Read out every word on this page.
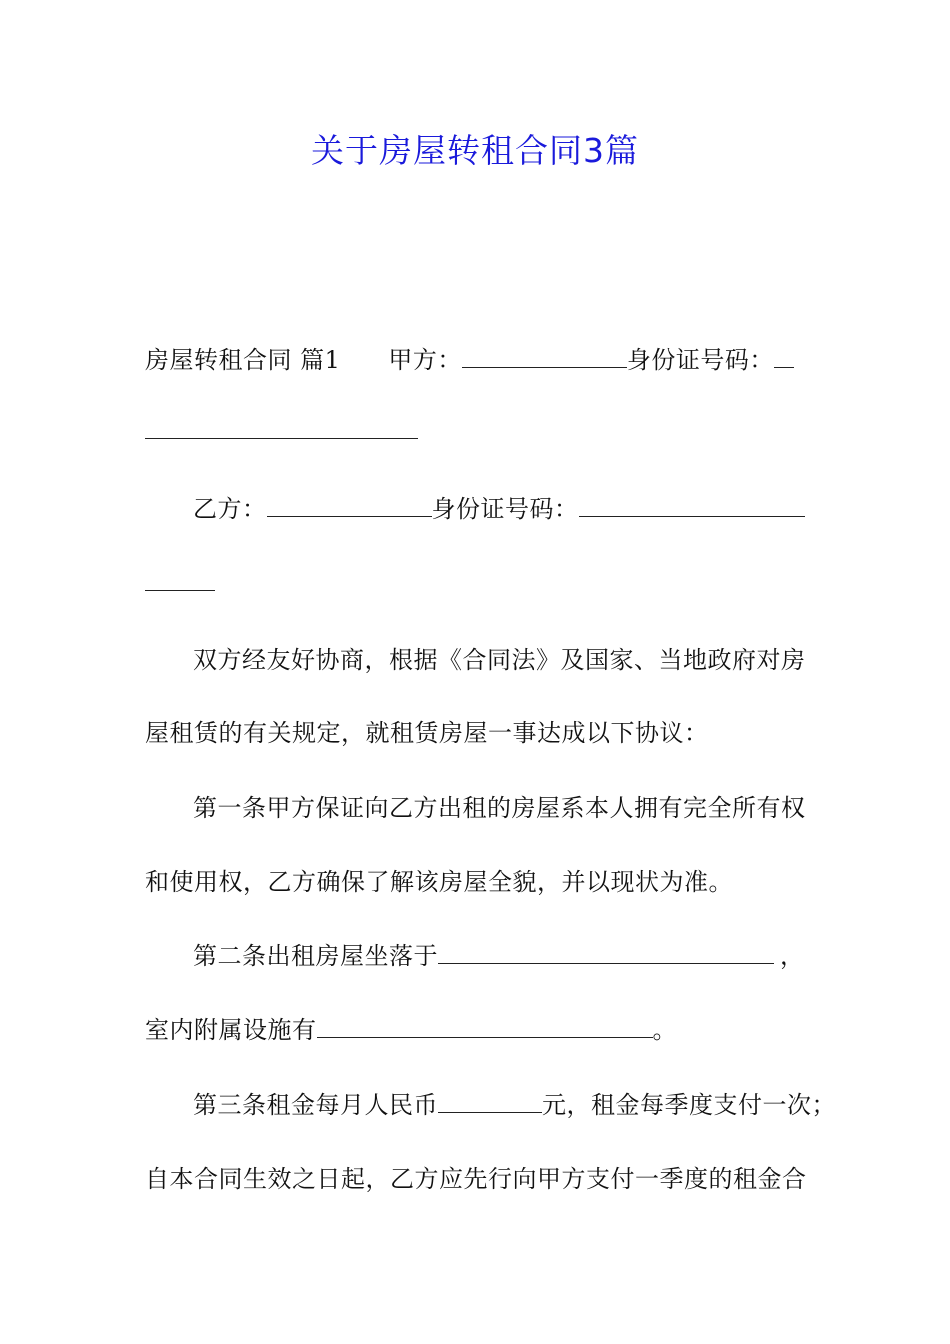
关于房屋转租合同3篇
房屋转租合同 篇1 甲方：	身份证号码：
乙方：	身份证号码：
双方经友好协商，根据《合同法》及国家、当地政府对房
屋租赁的有关规定，就租赁房屋一事达成以下协议：
第一条甲方保证向乙方出租的房屋系本人拥有完全所有权
和使用权，乙方确保了解该房屋全貌，并以现状为准。
第二条出租房屋坐落于	，
室内附属设施有	。
第三条租金每月人民币	元，租金每季度支付一次；
自本合同生效之日起，乙方应先行向甲方支付一季度的租金合
